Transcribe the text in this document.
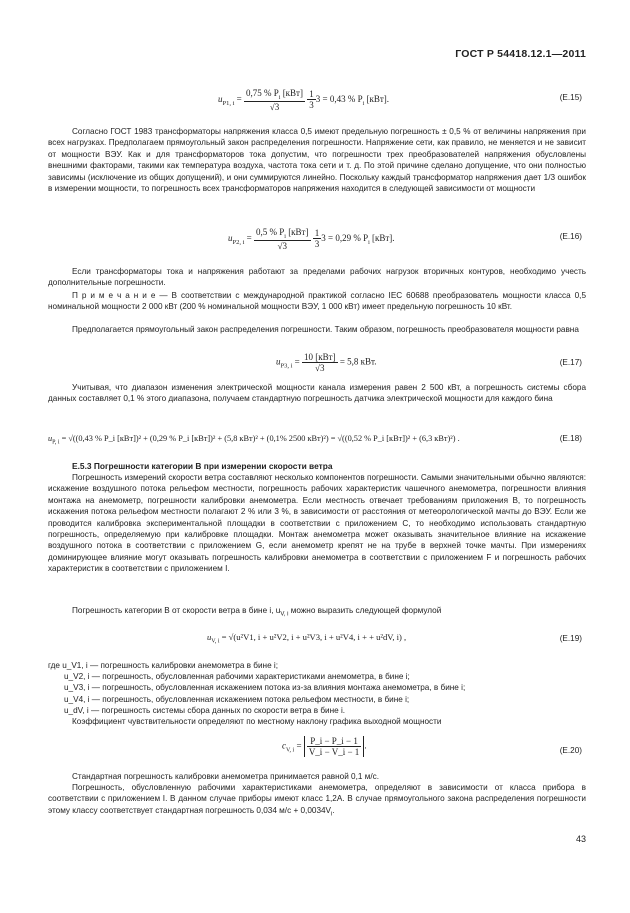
ГОСТ Р 54418.12.1—2011
$u_{P1, i} = \frac{0,75 \% P_i [кВт]}{√3}$
$\frac{1}{3} 3 = 0,43$ % $P_i$ [кВт].	(E.15)
Согласно ГОСТ 1983 трансформаторы напряжения класса 0,5 имеют предельную погрешность ± 0,5 % от величины напряжения при всех нагрузках. Предполагаем прямоугольный закон распределения погрешности. Напряжение сети, как правило, не меняется и не зависит от мощности ВЭУ. Как и для трансформаторов тока допустим, что погрешности трех преобразователей напряжения обусловлены внешними факторами, такими как температура воздуха, частота тока сети и т. д. По этой причине сделано допущение, что они полностью зависимы (исключение из общих допущений), и они суммируются линейно. Поскольку каждый трансформатор напряжения дает 1/3 ошибок в измерении мощности, то погрешность всех трансформаторов напряжения находится в следующей зависимости от мощности
$u_{P2, i} = \frac{0,5 \% P_i [кВт]}{√3}$
$\frac{1}{3} 3 = 0,29$ % $P_i$ [кВт].	(E.16)
Если трансформаторы тока и напряжения работают за пределами рабочих нагрузок вторичных контуров, необходимо учесть дополнительные погрешности.
П р и м е ч а н и е — В соответствии с международной практикой согласно IEC 60688 преобразователь мощности класса 0,5 номинальной мощности 2 000 кВт (200 % номинальной мощности ВЭУ, 1 000 кВт) имеет предельную погрешность 10 кВт.
Предполагается прямоугольный закон распределения погрешности. Таким образом, погрешность преобразователя мощности равна
$u_{P3, i} = \frac{\text{10 [кВт]}}{√3} = 5,8$ кВт.	(E.17)
Учитывая, что диапазон изменения электрической мощности канала измерения равен 2 500 кВт, а погрешность системы сбора данных составляет 0,1 % этого диапазона, получаем стандартную погрешность датчика электрической мощности для каждого бина
$u_{P, i} = √((0,43$ % P_i [кВт])² + (0,29 % P_i [кВт])² + (5,8 кВт)² + (0,1% 2500 кВт)²) = √((0,52 % P_i [кВт])² + (6,3 кВт)²) .	(E.18)
Е.5.3 Погрешности категории В при измерении скорости ветра
Погрешность измерений скорости ветра составляют несколько компонентов погрешности. Самыми значительными обычно являются: искажение воздушного потока рельефом местности, погрешность рабочих характеристик чашечного анемометра, погрешности влияния монтажа на анемометр, погрешности калибровки анемометра. Если местность отвечает требованиям приложения В, то погрешность искажения потока рельефом местности полагают 2 % или 3 %, в зависимости от расстояния от метеорологической мачты до ВЭУ. Если же проводится калибровка экспериментальной площадки в соответствии с приложением С, то необходимо использовать стандартную погрешность, определяемую при калибровке площадки. Монтаж анемометра может оказывать значительное влияние на искажение воздушного потока в соответствии с приложением G, если анемометр крепят не на трубе в верхней точке мачты. При измерениях доминирующее влияние могут оказывать погрешность калибровки анемометра в соответствии с приложением F и погрешность рабочих характеристик в соответствии с приложением I.
Погрешность категории В от скорости ветра в бине i, $u_{V, i}$ можно выразить следующей формулой
$u_{V, i} = √(u^2V1$, i + u²V2, i + u²V3, i + u²V4, i + + u²dV, i) ,	(E.19)
где u_V1, i — погрешность калибровки анемометра в бине i;
u_V2, i — погрешность, обусловленная рабочими характеристиками анемометра, в бине i;
u_V3, i — погрешность, обусловленная искажением потока из-за влияния монтажа анемометра, в бине i;
u_V4, i — погрешность, обусловленная искажением потока рельефом местности, в бине i;
u_dV, i — погрешность системы сбора данных по скорости ветра в бине i.
Коэффициент чувствительности определяют по местному наклону графика выходной мощности
$c_{V, i} = \frac{P\_i - P\_i - 1}{V\_i - V\_i - 1}$ .	(E.20)
Стандартная погрешность калибровки анемометра принимается равной 0,1 м/с.
Погрешность, обусловленную рабочими характеристиками анемометра, определяют в зависимости от класса прибора в соответствии с приложением I. В данном случае приборы имеют класс 1,2А. В случае прямоугольного закона распределения погрешности этому классу соответствует стандартная погрешность 0,034 $м/с + 0,0034V_i$.
43
